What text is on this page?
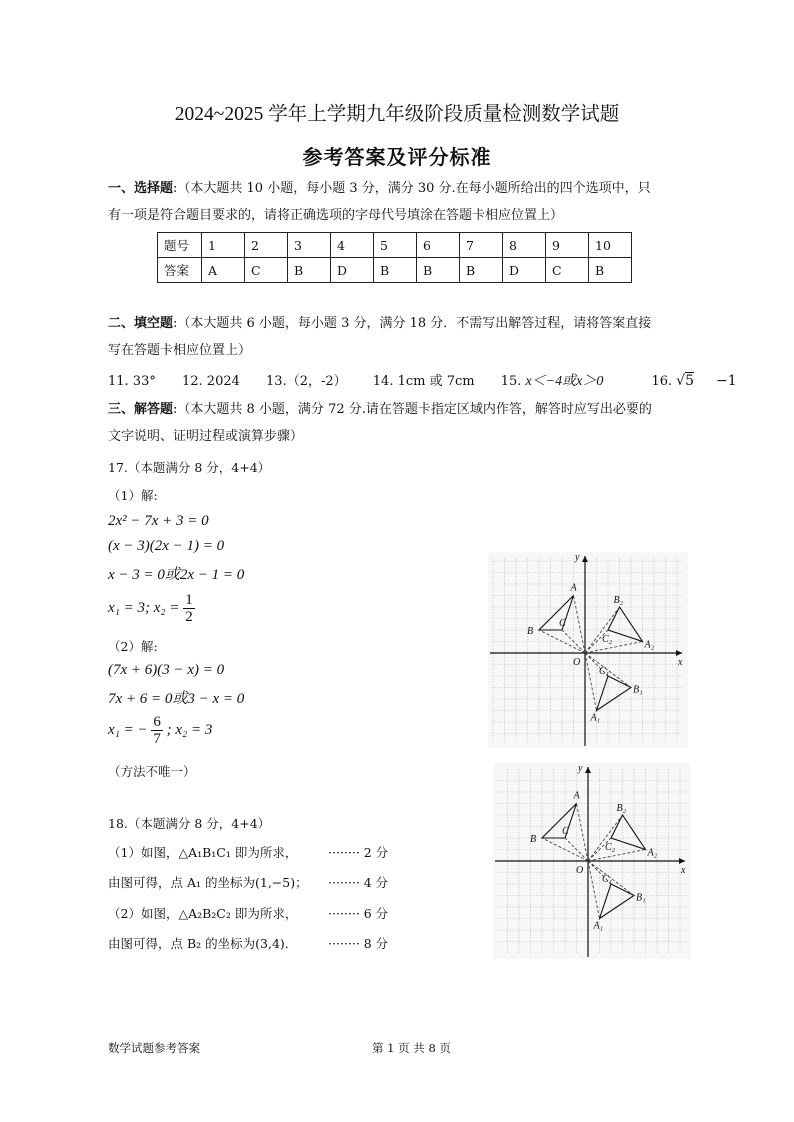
2024~2025 学年上学期九年级阶段质量检测数学试题
参考答案及评分标准
一、选择题:（本大题共 10 小题，每小题 3 分，满分 30 分.在每小题所给出的四个选项中，只
有一项是符合题目要求的，请将正确选项的字母代号填涂在答题卡相应位置上）
题号	1	2	3	4	5	6	7	8	9	10
答案	A	C	B	D	B	B	B	D	C	B
二、填空题:（本大题共 6 小题，每小题 3 分，满分 18 分．不需写出解答过程，请将答案直接
写在答题卡相应位置上）
11. 33° 12. 2024 13.（2，-2） 14. 1cm 或 7cm 15. x＜−4或x＞0	16. √5 −1
三、解答题:（本大题共 8 小题，满分 72 分.请在答题卡指定区域内作答，解答时应写出必要的
文字说明、证明过程或演算步骤）
17.（本题满分 8 分，4+4）
（1）解:
2x² − 7x + 3 = 0
(x − 3)(2x − 1) = 0
x − 3 = 0或2x − 1 = 0
x₁ = 3; $x_2 = \frac{1}{2}$
（2）解:
(7x + 6)(3 − x) = 0
7x + 6 = 0或3 − x = 0
x₁ = − $\frac{6}{7}$ ; x₂ = 3
（方法不唯一）
18.（本题满分 8 分，4+4）
（1）如图，△A₁B₁C₁ 即为所求， ········ 2 分
由图可得，点 A₁ 的坐标为(1,−5)； ········ 4 分
（2）如图，△A₂B₂C₂ 即为所求， ········ 6 分
由图可得，点 B₂ 的坐标为(3,4)． ········ 8 分
A
B
C
A₁
B₁
C₁
A₂
B₂
C₂
O	x
y
A
B
C
A₁
B₁
C₁
A₂
B₂
C₂
O	x
y
数学试题参考答案	第 1 页 共 8 页
